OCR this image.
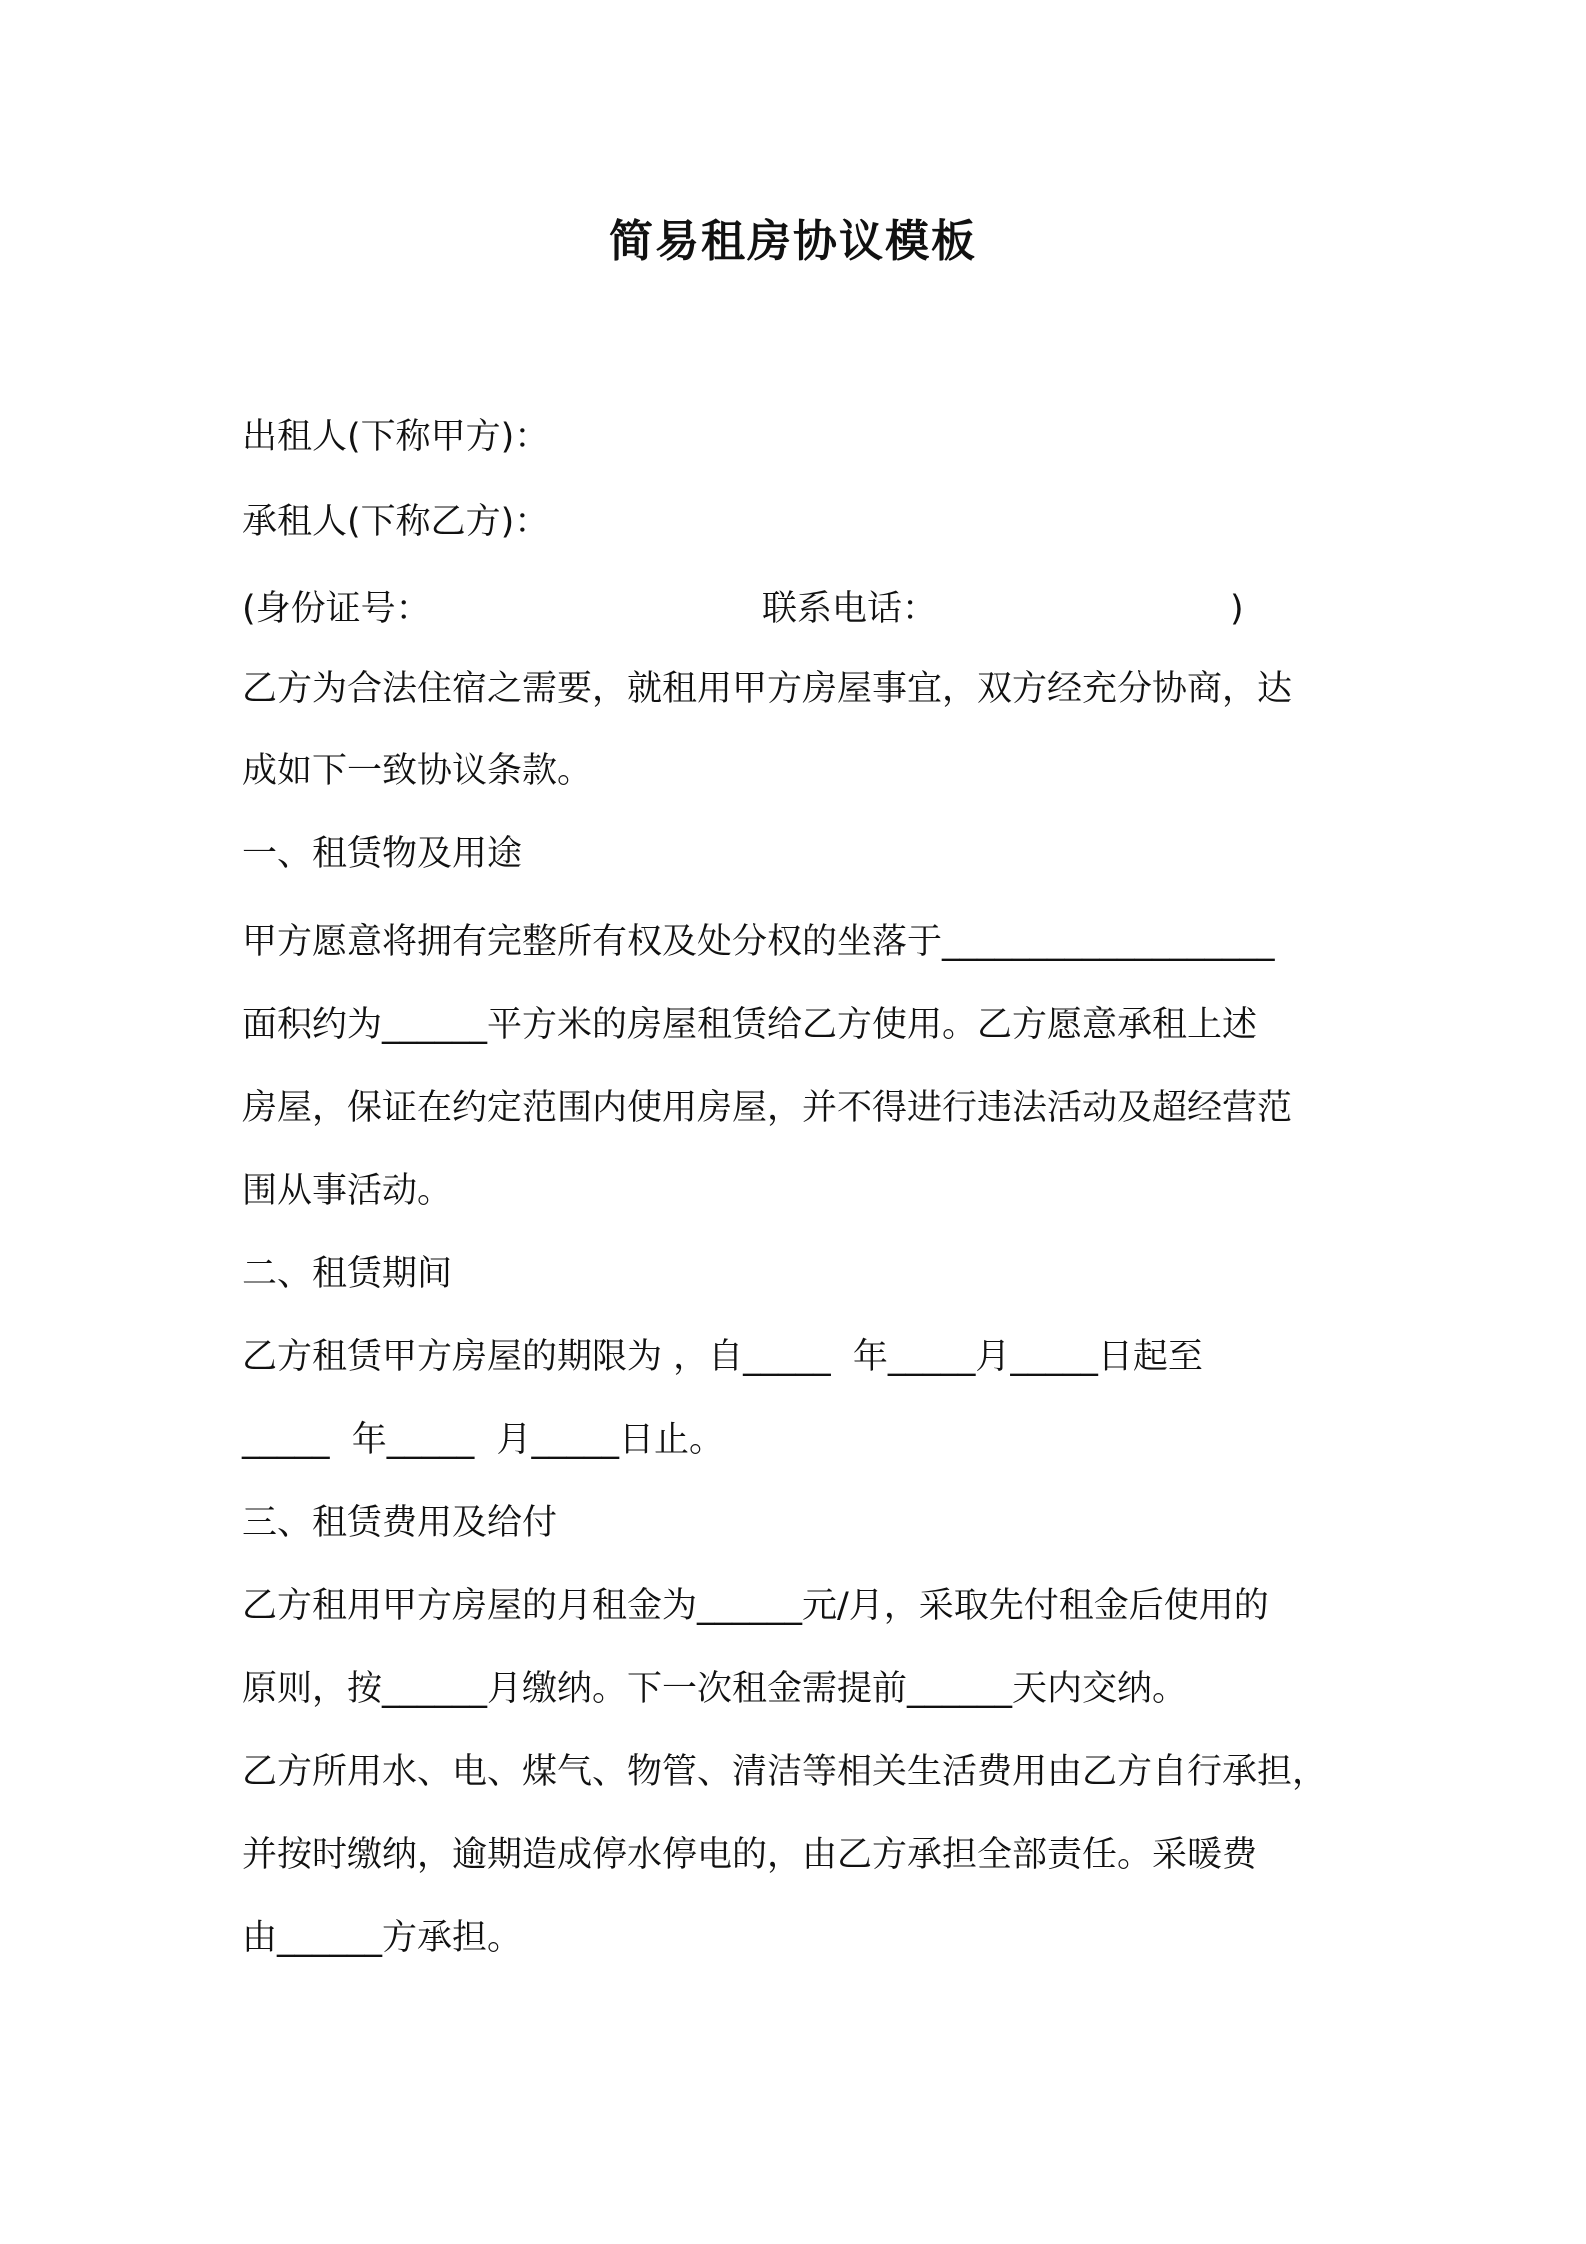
简易租房协议模板
出租人(下称甲方)：
承租人(下称乙方)：
(身份证号：	联系电话：	)
乙方为合法住宿之需要，就租用甲方房屋事宜，双方经充分协商，达
成如下一致协议条款。
一、租赁物及用途
甲方愿意将拥有完整所有权及处分权的坐落于___________________
面积约为______平方米的房屋租赁给乙方使用。乙方愿意承租上述
房屋，保证在约定范围内使用房屋，并不得进行违法活动及超经营范
围从事活动。
二、租赁期间
乙方租赁甲方房屋的期限为 ，自_____  年_____月_____日起至
_____  年_____  月_____日止。
三、租赁费用及给付
乙方租用甲方房屋的月租金为______元/月，采取先付租金后使用的
原则，按______月缴纳。下一次租金需提前______天内交纳。
乙方所用水、电、煤气、物管、清洁等相关生活费用由乙方自行承担，
并按时缴纳，逾期造成停水停电的，由乙方承担全部责任。采暖费
由______方承担。
